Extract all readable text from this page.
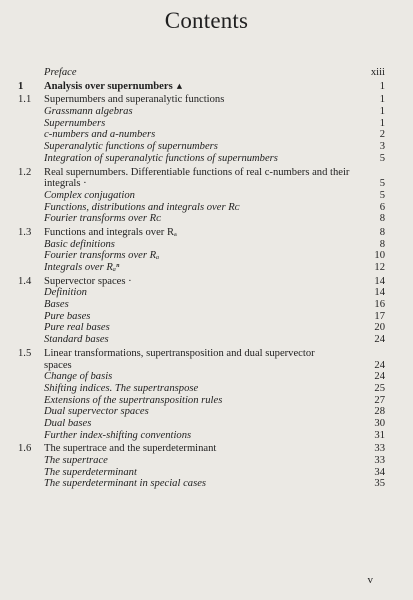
Contents
Preface	xiii
1	Analysis over supernumbers ▴	1
1.1	Supernumbers and superanalytic functions	1
Grassmann algebras	1
Supernumbers	1
c-numbers and a-numbers	2
Superanalytic functions of supernumbers	3
Integration of superanalytic functions of supernumbers	5
1.2	Real supernumbers. Differentiable functions of real c-numbers and their
integrals ·	5
Complex conjugation	5
Functions, distributions and integrals over Rᴄ	6
Fourier transforms over Rᴄ	8
1.3	Functions and integrals over Rₐ	8
Basic definitions	8
Fourier transforms over Rₐ	10
Integrals over Rₐⁿ	12
1.4	Supervector spaces ·	14
Definition	14
Bases	16
Pure bases	17
Pure real bases	20
Standard bases	24
1.5	Linear transformations, supertransposition and dual supervector
spaces	24
Change of basis	24
Shifting indices. The supertranspose	25
Extensions of the supertransposition rules	27
Dual supervector spaces	28
Dual bases	30
Further index-shifting conventions	31
1.6	The supertrace and the superdeterminant	33
The supertrace	33
The superdeterminant	34
The superdeterminant in special cases	35
v
